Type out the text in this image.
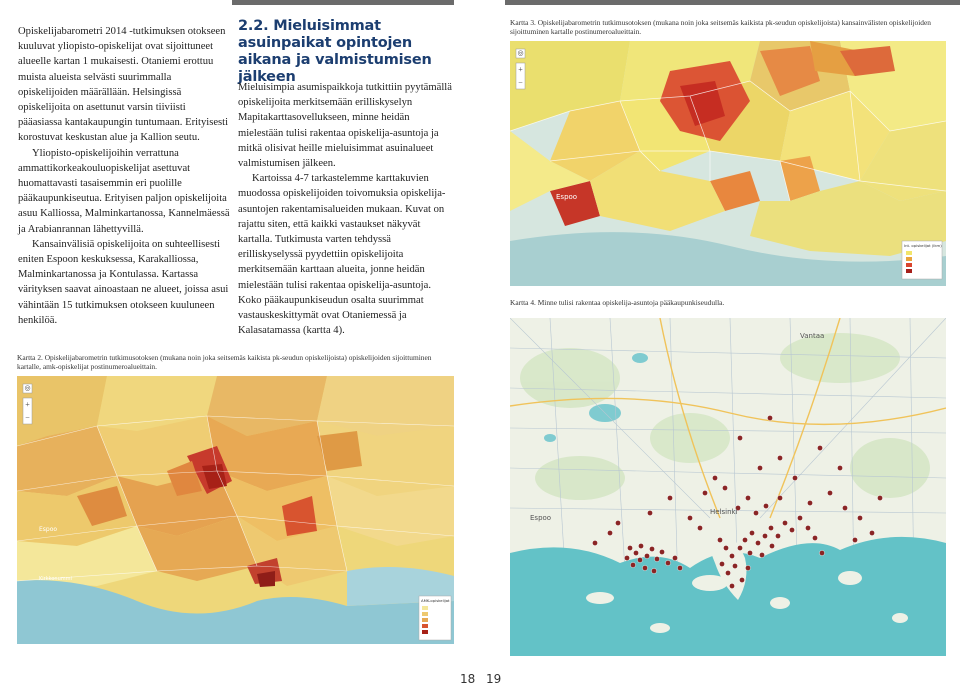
Opiskelijabarometri 2014 -tutkimuksen otokseen kuuluvat yliopisto-opiskelijat ovat sijoittuneet alueelle kartan 1 mukaisesti. Otaniemi erottuu muista alueista selvästi suurimmalla opiskelijoiden määrällään. Helsingissä opiskelijoita on asettunut varsin tiiviisti pääasiassa kantakaupungin tuntumaan. Erityisesti korostuvat keskustan alue ja Kallion seutu.

Yliopisto-opiskelijoihin verrattuna ammattikorkeakouluopiskelijat asettuvat huomattavasti tasaisemmin eri puolille pääkaupunkiseutua. Erityisen paljon opiskelijoita asuu Kalliossa, Malminkartanossa, Kannelmäessä ja Arabianrannan lähettyvillä.

Kansainvälisiä opiskelijoita on suhteellisesti eniten Espoon keskuksessa, Karakalliossa, Malminkartanossa ja Kontulassa. Kartassa värityksen saavat ainoastaan ne alueet, joissa asui vähintään 15 tutkimuksen otokseen kuuluneen henkilöä.

2.2. Mieluisimmat asuinpaikat opintojen aikana ja valmistumisen jälkeen

Mieluisimpia asumispaikkoja tutkittiin pyytämällä opiskelijoita merkitsemään erilliskyselyn Mapitakarttasovellukseen, minne heidän mielestään tulisi rakentaa opiskelija-asuntoja ja mitkä olisivat heille mieluisimmat asuinalueet valmistumisen jälkeen.

Kartoissa 4-7 tarkastelemme karttakuvien muodossa opiskelijoiden toivomuksia opiskelija-asuntojen rakentamisalueiden mukaan. Kuvat on rajattu siten, että kaikki vastaukset näkyvät kartalla. Tutkimusta varten tehdyssä erilliskyselyssä pyydettiin opiskelijoita merkitsemään karttaan alueita, jonne heidän mielestään tulisi rakentaa opiskelija-asuntoja. Koko pääkaupunkiseudun osalta suurimmat vastauskeskittymät ovat Otaniemessä ja Kalasatamassa (kartta 4).

Kartta 3. Opiskelijabarometrin tutkimusotoksen (mukana noin joka seitsemäs kaikista pk-seudun opiskelijoista) kansainvälisten opiskelijoiden sijoittuminen kartalle postinumeroalueittain.
Espoo
Int. opiskelijat (lkm)
◎
+
−
Kartta 4. Minne tulisi rakentaa opiskelija-asuntoja pääkaupunkiseudulla.
Kartta 2. Opiskelijabarometrin tutkimusotoksen (mukana noin joka seitsemäs kaikista pk-seudun opiskelijoista) opiskelijoiden sijoittuminen kartalle, amk-opiskelijat postinumeroalueittain.
Espoo
Kirkkonummi
AMK-opiskelijat
◎
+
−
Vantaa
Espoo
Helsinki
18 19
